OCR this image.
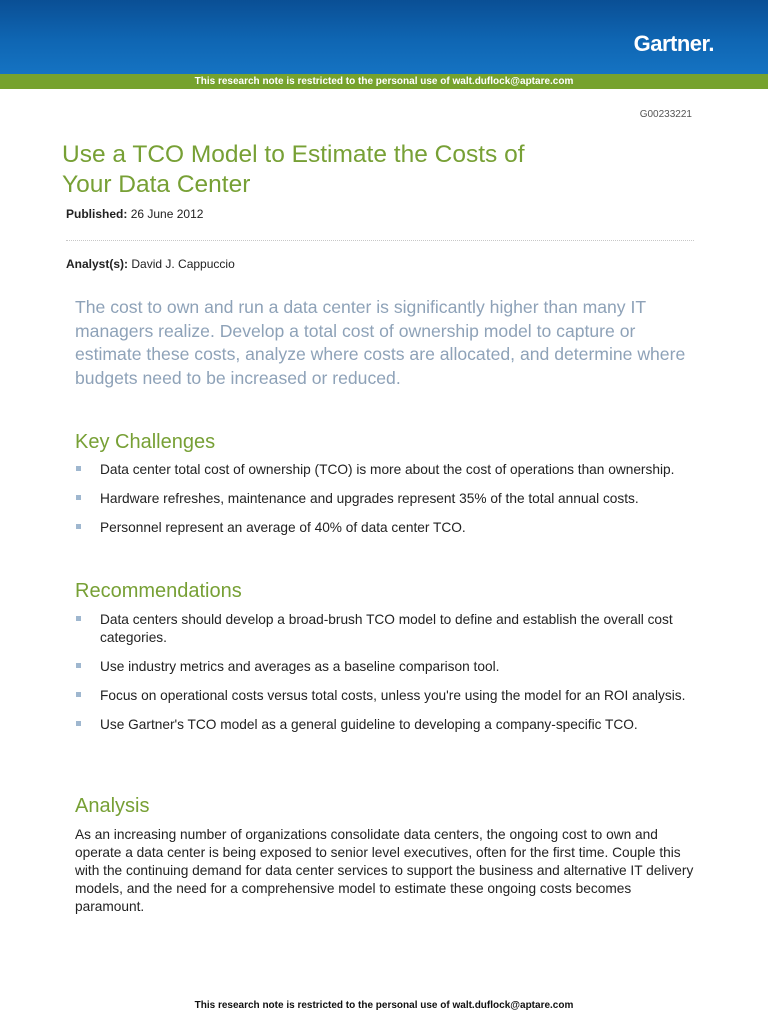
Gartner.
This research note is restricted to the personal use of walt.duflock@aptare.com
G00233221
Use a TCO Model to Estimate the Costs of
Your Data Center
Published: 26 June 2012
Analyst(s): David J. Cappuccio

The cost to own and run a data center is significantly higher than many IT managers realize. Develop a total cost of ownership model to capture or estimate these costs, analyze where costs are allocated, and determine where budgets need to be increased or reduced.

Key Challenges
Data center total cost of ownership (TCO) is more about the cost of operations than ownership.
Hardware refreshes, maintenance and upgrades represent 35% of the total annual costs.
Personnel represent an average of 40% of data center TCO.
Recommendations
Data centers should develop a broad-brush TCO model to define and establish the overall cost categories.
Use industry metrics and averages as a baseline comparison tool.
Focus on operational costs versus total costs, unless you're using the model for an ROI analysis.
Use Gartner's TCO model as a general guideline to developing a company-specific TCO.
Analysis

As an increasing number of organizations consolidate data centers, the ongoing cost to own and operate a data center is being exposed to senior level executives, often for the first time. Couple this with the continuing demand for data center services to support the business and alternative IT delivery models, and the need for a comprehensive model to estimate these ongoing costs becomes paramount.

This research note is restricted to the personal use of walt.duflock@aptare.com
